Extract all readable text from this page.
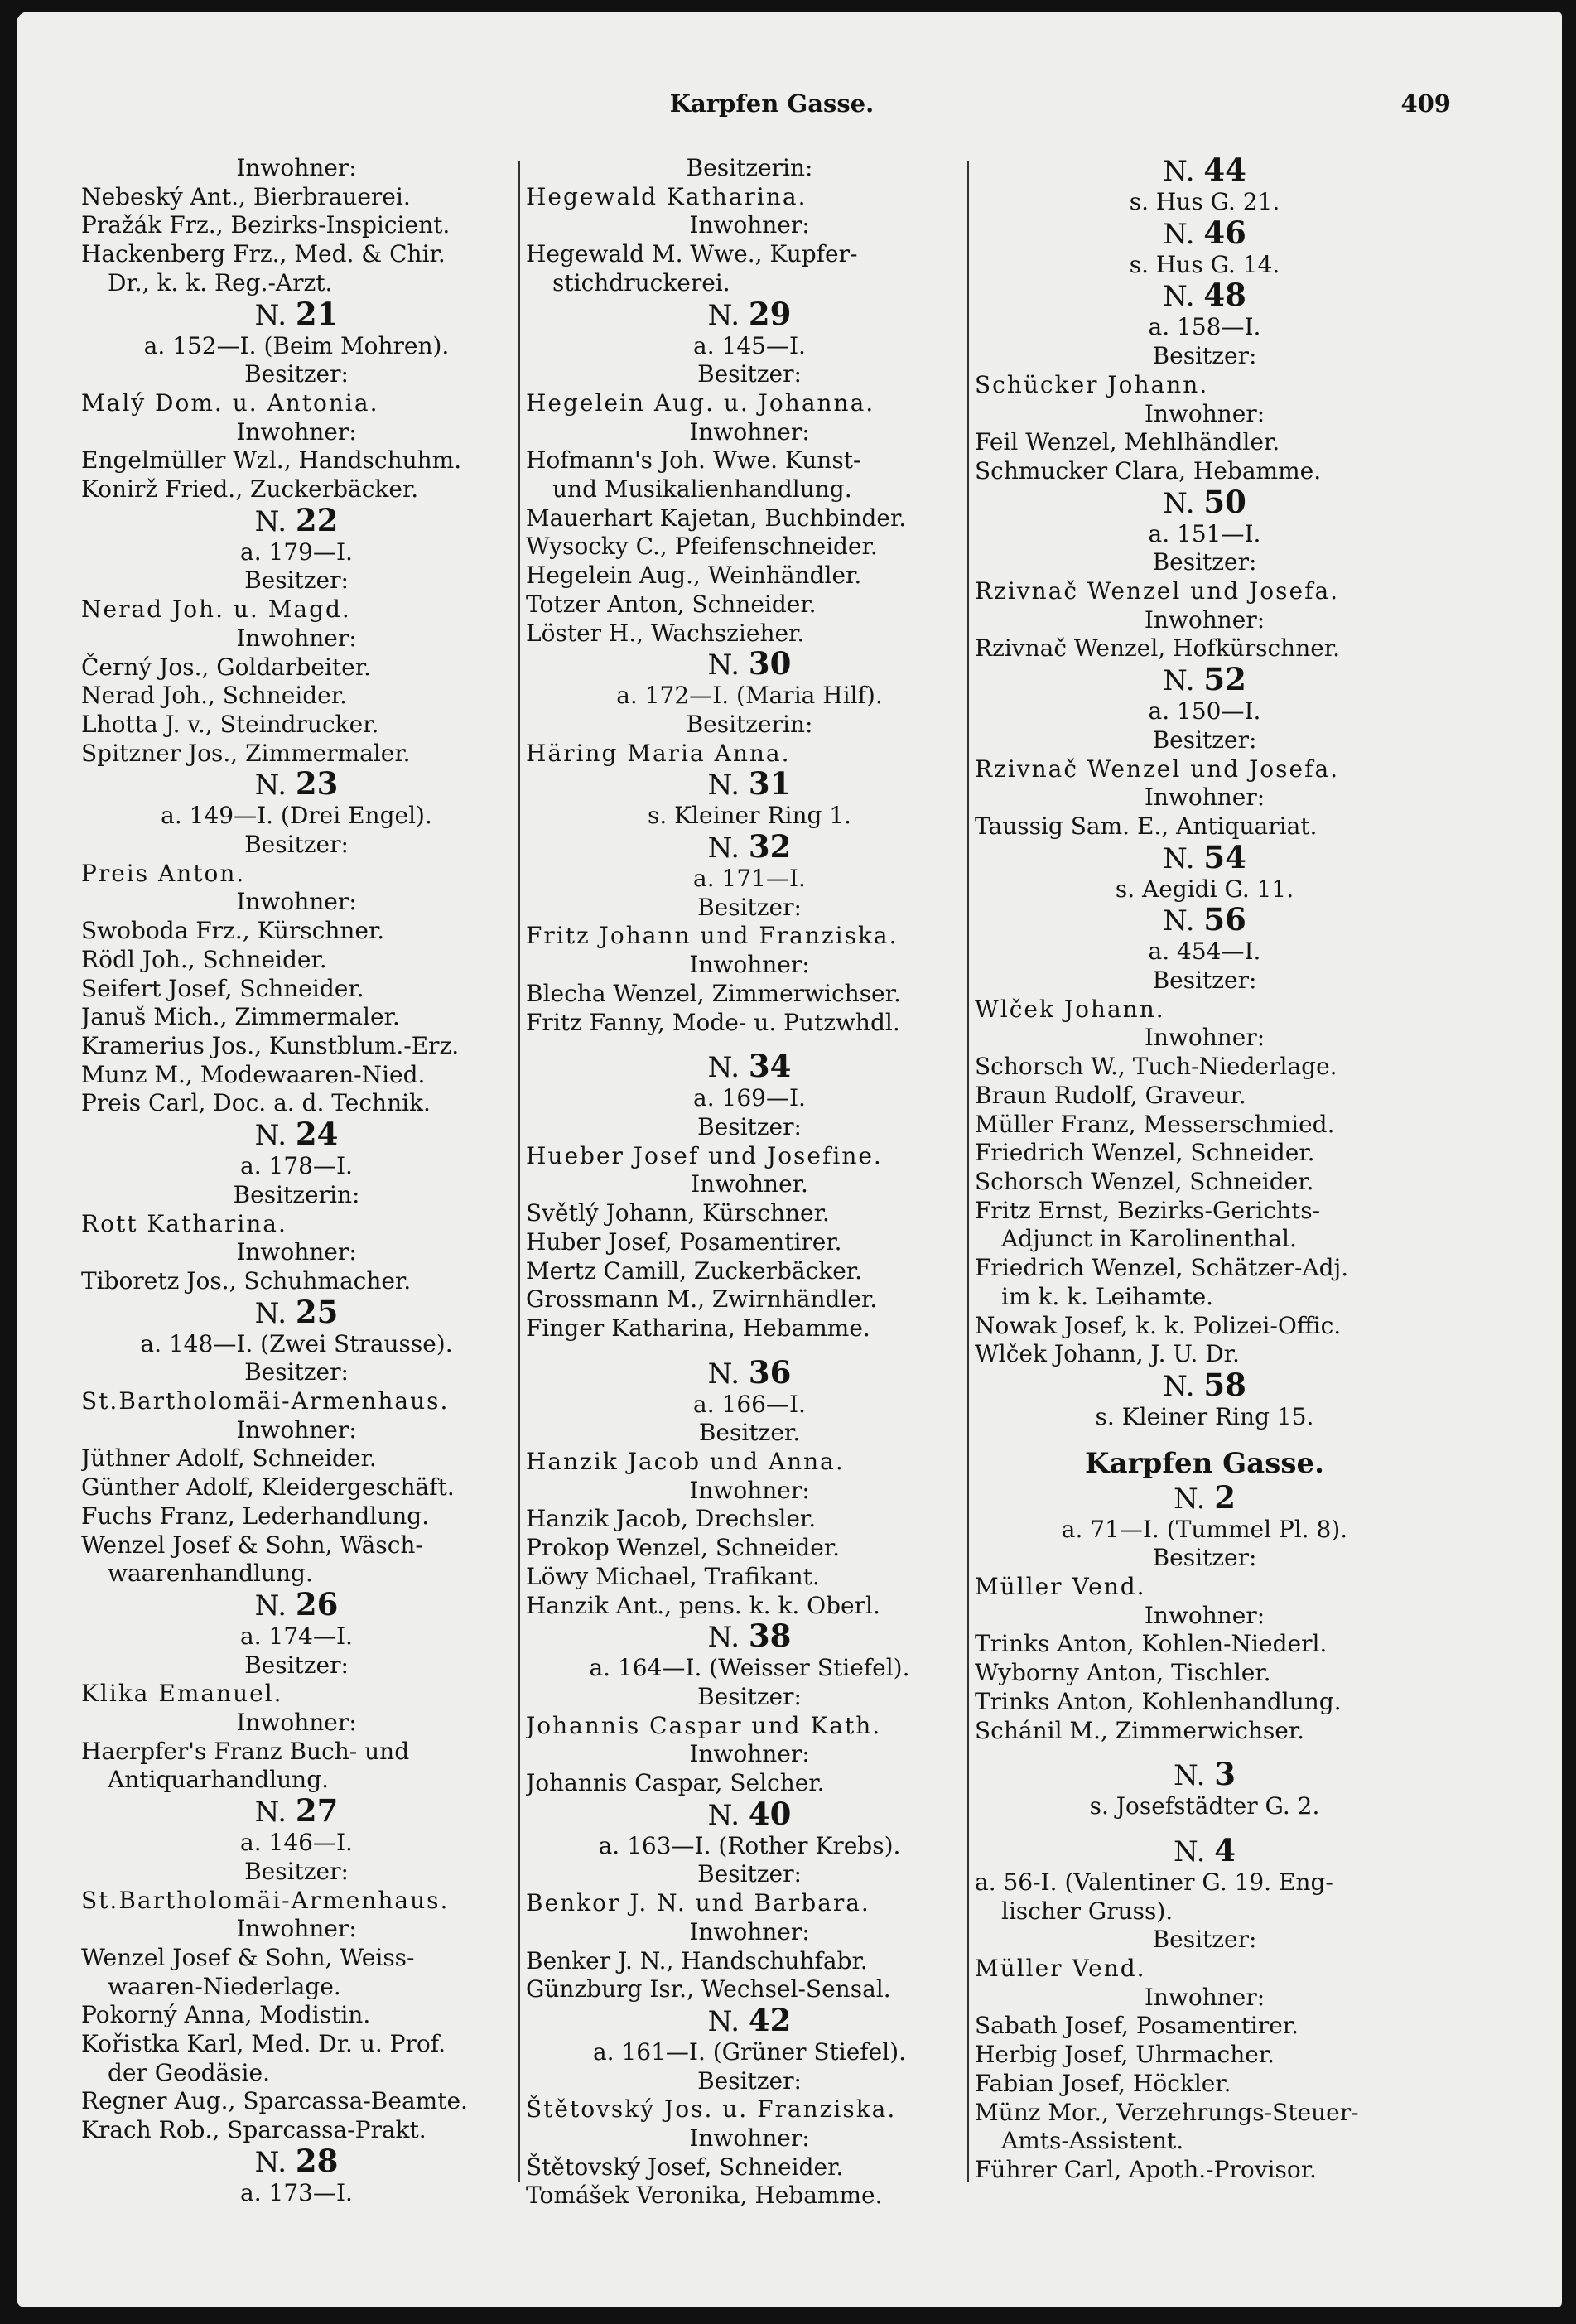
Karpfen Gasse.	409
Inwohner:
Nebeský Ant., Bierbrauerei.
Pražák Frz., Bezirks-Inspicient.
Hackenberg Frz., Med. & Chir.
Dr., k. k. Reg.-Arzt.
N. 21
a. 152—I. (Beim Mohren).
Besitzer:
Malý Dom. u. Antonia.
Inwohner:
Engelmüller Wzl., Handschuhm.
Konirž Fried., Zuckerbäcker.
N. 22
a. 179—I.
Besitzer:
Nerad Joh. u. Magd.
Inwohner:
Černý Jos., Goldarbeiter.
Nerad Joh., Schneider.
Lhotta J. v., Steindrucker.
Spitzner Jos., Zimmermaler.
N. 23
a. 149—I. (Drei Engel).
Besitzer:
Preis Anton.
Inwohner:
Swoboda Frz., Kürschner.
Rödl Joh., Schneider.
Seifert Josef, Schneider.
Januš Mich., Zimmermaler.
Kramerius Jos., Kunstblum.-Erz.
Munz M., Modewaaren-Nied.
Preis Carl, Doc. a. d. Technik.
N. 24
a. 178—I.
Besitzerin:
Rott Katharina.
Inwohner:
Tiboretz Jos., Schuhmacher.
N. 25
a. 148—I. (Zwei Strausse).
Besitzer:
St.Bartholomäi-Armenhaus.
Inwohner:
Jüthner Adolf, Schneider.
Günther Adolf, Kleidergeschäft.
Fuchs Franz, Lederhandlung.
Wenzel Josef & Sohn, Wäsch-
waarenhandlung.
N. 26
a. 174—I.
Besitzer:
Klika Emanuel.
Inwohner:
Haerpfer's Franz Buch- und
Antiquarhandlung.
N. 27
a. 146—I.
Besitzer:
St.Bartholomäi-Armenhaus.
Inwohner:
Wenzel Josef & Sohn, Weiss-
waaren-Niederlage.
Pokorný Anna, Modistin.
Kořistka Karl, Med. Dr. u. Prof.
der Geodäsie.
Regner Aug., Sparcassa-Beamte.
Krach Rob., Sparcassa-Prakt.
N. 28
a. 173—I.
Besitzerin:
Hegewald Katharina.
Inwohner:
Hegewald M. Wwe., Kupfer-
stichdruckerei.
N. 29
a. 145—I.
Besitzer:
Hegelein Aug. u. Johanna.
Inwohner:
Hofmann's Joh. Wwe. Kunst-
und Musikalienhandlung.
Mauerhart Kajetan, Buchbinder.
Wysocky C., Pfeifenschneider.
Hegelein Aug., Weinhändler.
Totzer Anton, Schneider.
Löster H., Wachszieher.
N. 30
a. 172—I. (Maria Hilf).
Besitzerin:
Häring Maria Anna.
N. 31
s. Kleiner Ring 1.
N. 32
a. 171—I.
Besitzer:
Fritz Johann und Franziska.
Inwohner:
Blecha Wenzel, Zimmerwichser.
Fritz Fanny, Mode- u. Putzwhdl.
N. 34
a. 169—I.
Besitzer:
Hueber Josef und Josefine.
Inwohner.
Světlý Johann, Kürschner.
Huber Josef, Posamentirer.
Mertz Camill, Zuckerbäcker.
Grossmann M., Zwirnhändler.
Finger Katharina, Hebamme.
N. 36
a. 166—I.
Besitzer.
Hanzik Jacob und Anna.
Inwohner:
Hanzik Jacob, Drechsler.
Prokop Wenzel, Schneider.
Löwy Michael, Trafikant.
Hanzik Ant., pens. k. k. Oberl.
N. 38
a. 164—I. (Weisser Stiefel).
Besitzer:
Johannis Caspar und Kath.
Inwohner:
Johannis Caspar, Selcher.
N. 40
a. 163—I. (Rother Krebs).
Besitzer:
Benkor J. N. und Barbara.
Inwohner:
Benker J. N., Handschuhfabr.
Günzburg Isr., Wechsel-Sensal.
N. 42
a. 161—I. (Grüner Stiefel).
Besitzer:
Štětovský Jos. u. Franziska.
Inwohner:
Štětovský Josef, Schneider.
Tomášek Veronika, Hebamme.
N. 44
s. Hus G. 21.
N. 46
s. Hus G. 14.
N. 48
a. 158—I.
Besitzer:
Schücker Johann.
Inwohner:
Feil Wenzel, Mehlhändler.
Schmucker Clara, Hebamme.
N. 50
a. 151—I.
Besitzer:
Rzivnač Wenzel und Josefa.
Inwohner:
Rzivnač Wenzel, Hofkürschner.
N. 52
a. 150—I.
Besitzer:
Rzivnač Wenzel und Josefa.
Inwohner:
Taussig Sam. E., Antiquariat.
N. 54
s. Aegidi G. 11.
N. 56
a. 454—I.
Besitzer:
Wlček Johann.
Inwohner:
Schorsch W., Tuch-Niederlage.
Braun Rudolf, Graveur.
Müller Franz, Messerschmied.
Friedrich Wenzel, Schneider.
Schorsch Wenzel, Schneider.
Fritz Ernst, Bezirks-Gerichts-
Adjunct in Karolinenthal.
Friedrich Wenzel, Schätzer-Adj.
im k. k. Leihamte.
Nowak Josef, k. k. Polizei-Offic.
Wlček Johann, J. U. Dr.
N. 58
s. Kleiner Ring 15.
Karpfen Gasse.
N. 2
a. 71—I. (Tummel Pl. 8).
Besitzer:
Müller Vend.
Inwohner:
Trinks Anton, Kohlen-Niederl.
Wyborny Anton, Tischler.
Trinks Anton, Kohlenhandlung.
Schánil M., Zimmerwichser.
N. 3
s. Josefstädter G. 2.
N. 4
a. 56-I. (Valentiner G. 19. Eng-
lischer Gruss).
Besitzer:
Müller Vend.
Inwohner:
Sabath Josef, Posamentirer.
Herbig Josef, Uhrmacher.
Fabian Josef, Höckler.
Münz Mor., Verzehrungs-Steuer-
Amts-Assistent.
Führer Carl, Apoth.-Provisor.
